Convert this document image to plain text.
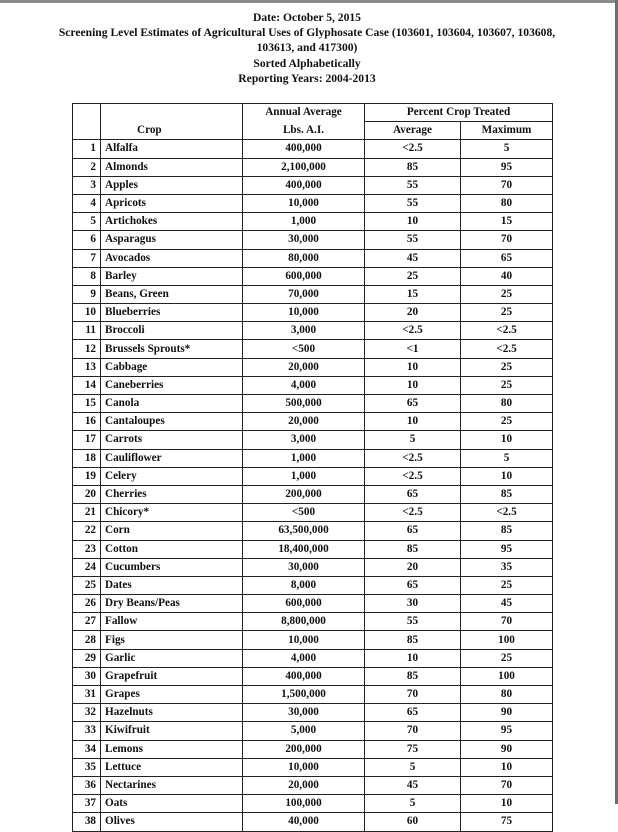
Date: October 5, 2015
Screening Level Estimates of Agricultural Uses of Glyphosate Case (103601, 103604, 103607, 103608,
103613, and 417300)
Sorted Alphabetically
Reporting Years: 2004-2013
		Annual Average	Percent Crop Treated	
	Crop	Lbs. A.I.	Average	Maximum
1	Alfalfa	400,000	<2.5	5
2	Almonds	2,100,000	85	95
3	Apples	400,000	55	70
4	Apricots	10,000	55	80
5	Artichokes	1,000	10	15
6	Asparagus	30,000	55	70
7	Avocados	80,000	45	65
8	Barley	600,000	25	40
9	Beans, Green	70,000	15	25
10	Blueberries	10,000	20	25
11	Broccoli	3,000	<2.5	<2.5
12	Brussels Sprouts*	<500	<1	<2.5
13	Cabbage	20,000	10	25
14	Caneberries	4,000	10	25
15	Canola	500,000	65	80
16	Cantaloupes	20,000	10	25
17	Carrots	3,000	5	10
18	Cauliflower	1,000	<2.5	5
19	Celery	1,000	<2.5	10
20	Cherries	200,000	65	85
21	Chicory*	<500	<2.5	<2.5
22	Corn	63,500,000	65	85
23	Cotton	18,400,000	85	95
24	Cucumbers	30,000	20	35
25	Dates	8,000	65	25
26	Dry Beans/Peas	600,000	30	45
27	Fallow	8,800,000	55	70
28	Figs	10,000	85	100
29	Garlic	4,000	10	25
30	Grapefruit	400,000	85	100
31	Grapes	1,500,000	70	80
32	Hazelnuts	30,000	65	90
33	Kiwifruit	5,000	70	95
34	Lemons	200,000	75	90
35	Lettuce	10,000	5	10
36	Nectarines	20,000	45	70
37	Oats	100,000	5	10
38	Olives	40,000	60	75
